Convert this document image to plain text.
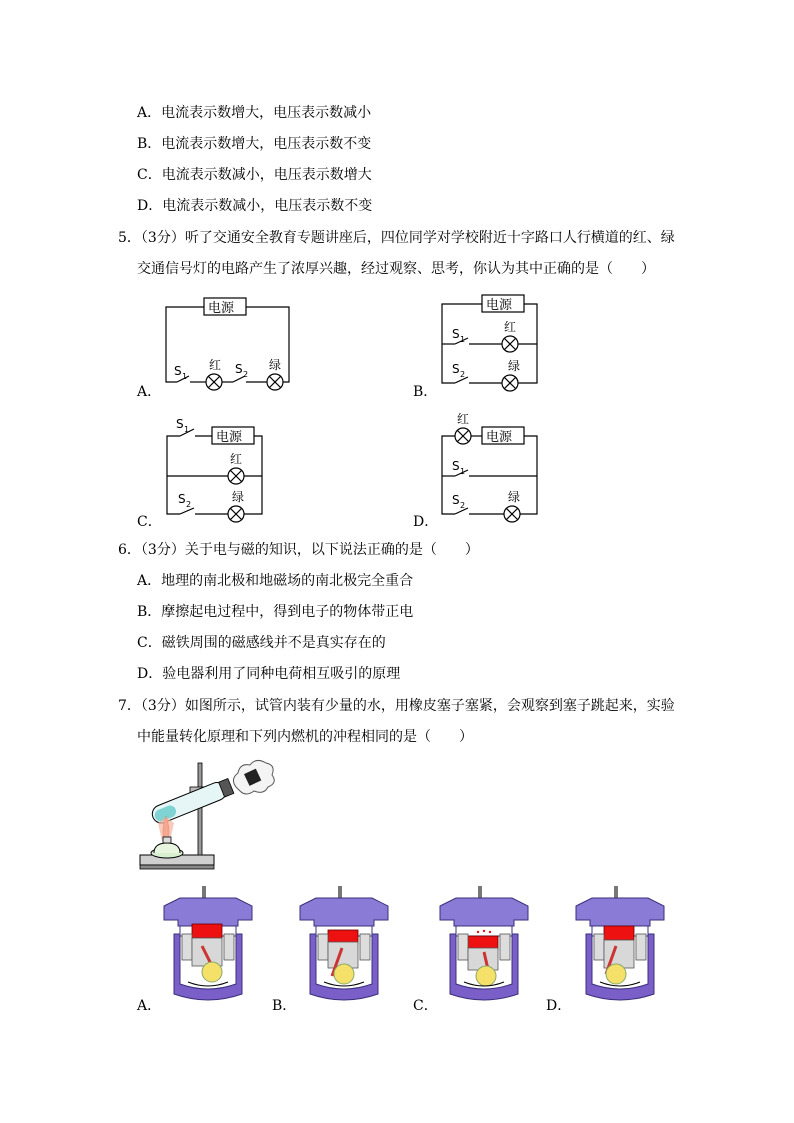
A．电流表示数增大，电压表示数减小
B．电流表示数增大，电压表示数不变
C．电流表示数减小，电压表示数增大
D．电流表示数减小，电压表示数不变
5．（3分）听了交通安全教育专题讲座后，四位同学对学校附近十字路口人行横道的红、绿
交通信号灯的电路产生了浓厚兴趣，经过观察、思考，你认为其中正确的是（　　）
电源
S 1
红 S 2
绿
A．
电源
S 1
红
S 2
绿
B．
电源
S 1
红
S 2
绿
C．
电源
红
S 1
S 2
绿
D．
6．（3分）关于电与磁的知识，以下说法正确的是（　　）
A．地理的南北极和地磁场的南北极完全重合
B．摩擦起电过程中，得到电子的物体带正电
C．磁铁周围的磁感线并不是真实存在的
D．验电器利用了同种电荷相互吸引的原理
7．（3分）如图所示，试管内装有少量的水，用橡皮塞子塞紧，会观察到塞子跳起来，实验
中能量转化原理和下列内燃机的冲程相同的是（　　）
A．	B．	C．	D．
